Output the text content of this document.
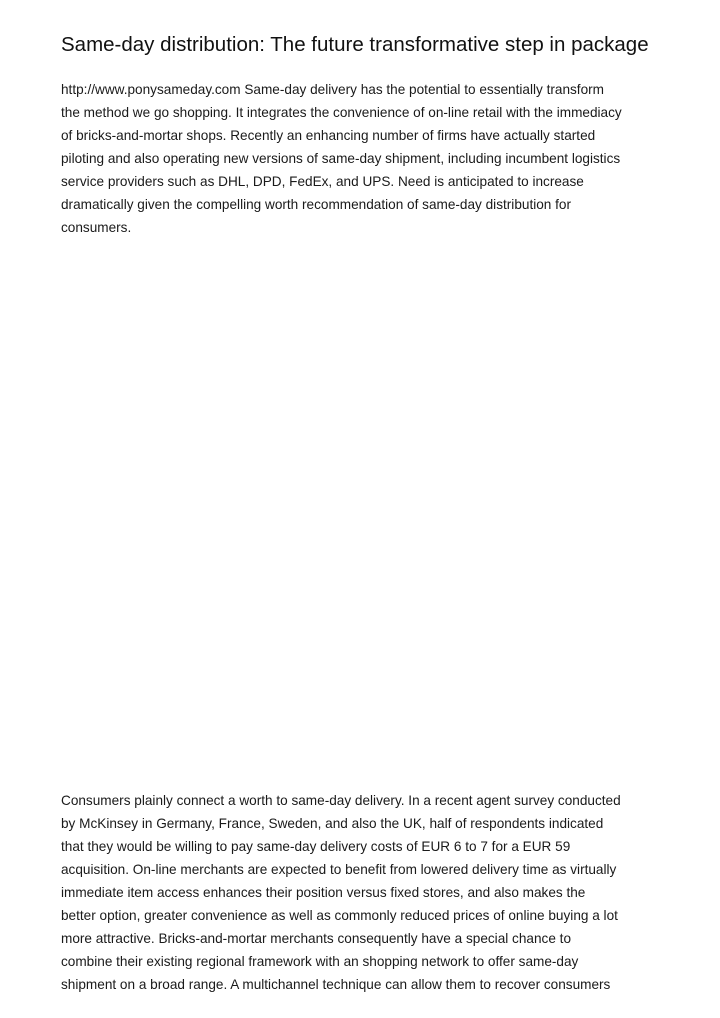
Same-day distribution: The future transformative step in package

http://www.ponysameday.com Same-day delivery has the potential to essentially transform
the method we go shopping. It integrates the convenience of on-line retail with the immediacy
of bricks-and-mortar shops. Recently an enhancing number of firms have actually started
piloting and also operating new versions of same-day shipment, including incumbent logistics
service providers such as DHL, DPD, FedEx, and UPS. Need is anticipated to increase
dramatically given the compelling worth recommendation of same-day distribution for
consumers.

Consumers plainly connect a worth to same-day delivery. In a recent agent survey conducted
by McKinsey in Germany, France, Sweden, and also the UK, half of respondents indicated
that they would be willing to pay same-day delivery costs of EUR 6 to 7 for a EUR 59
acquisition. On-line merchants are expected to benefit from lowered delivery time as virtually
immediate item access enhances their position versus fixed stores, and also makes the
better option, greater convenience as well as commonly reduced prices of online buying a lot
more attractive. Bricks-and-mortar merchants consequently have a special chance to
combine their existing regional framework with an shopping network to offer same-day
shipment on a broad range. A multichannel technique can allow them to recover consumers
